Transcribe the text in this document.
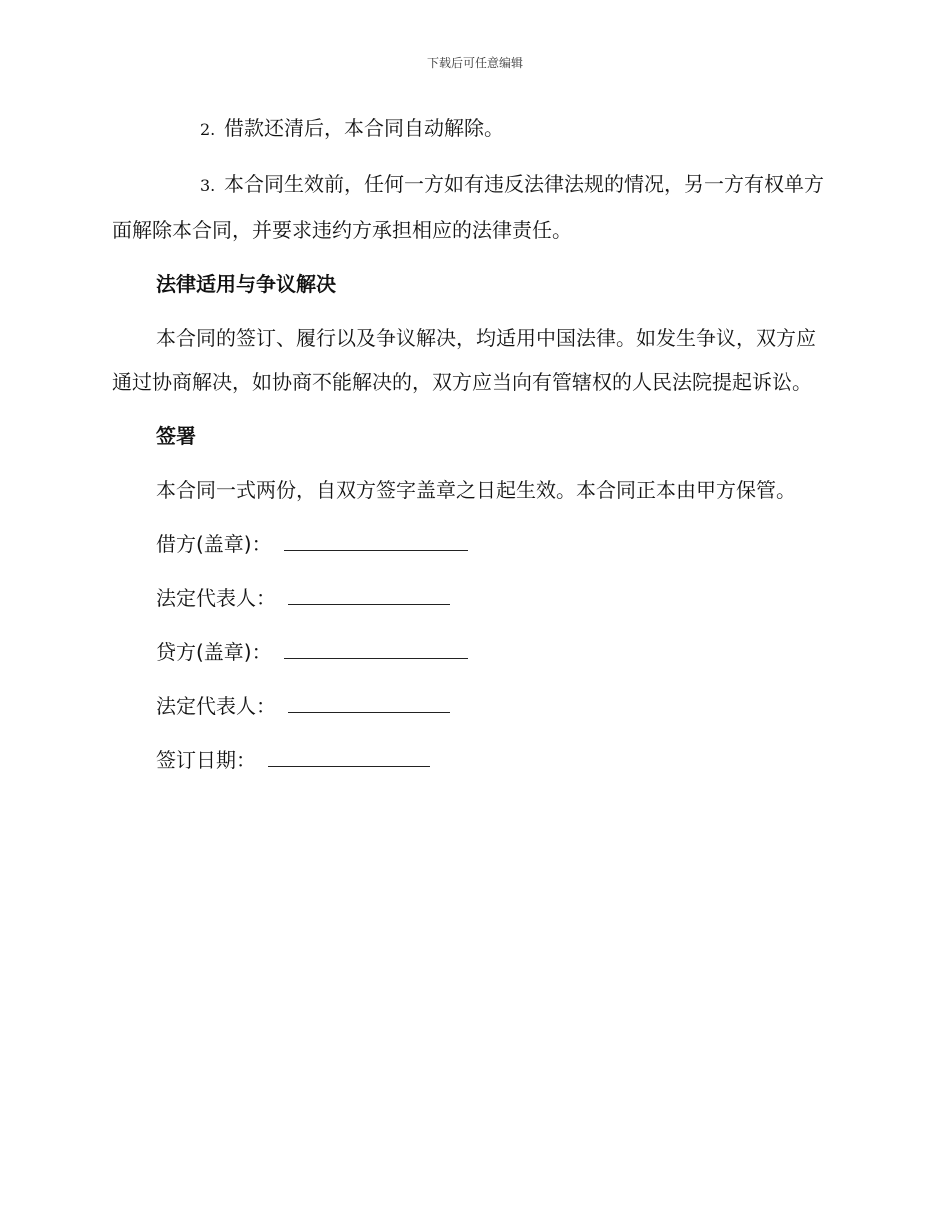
下载后可任意编辑

2. 借款还清后，本合同自动解除。

3. 本合同生效前，任何一方如有违反法律法规的情况，另一方有权单方面解除本合同，并要求违约方承担相应的法律责任。

法律适用与争议解决

本合同的签订、履行以及争议解决，均适用中国法律。如发生争议，双方应通过协商解决，如协商不能解决的，双方应当向有管辖权的人民法院提起诉讼。

签署

本合同一式两份，自双方签字盖章之日起生效。本合同正本由甲方保管。

借方(盖章)：

法定代表人：

贷方(盖章)：

法定代表人：

签订日期：
